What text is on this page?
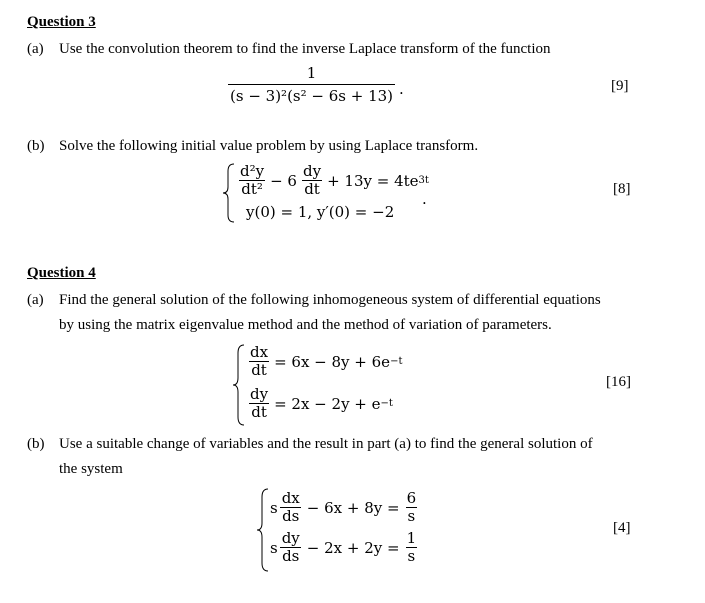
Question 3
(a) Use the convolution theorem to find the inverse Laplace transform of the function
$\frac{1}{\text{(s − 3)²(s² − 6s + 13)}}$ .	[9]
(b) Solve the following initial value problem by using Laplace transform.
$\frac{\text{d²y}}{\text{dt²}} - 6 \frac{dy}{dt} + 13y = 4te$ 3t
.
y(0) = 1, y′(0) = −2
[8]
Question 4
(a) Find the general solution of the following inhomogeneous system of differential equations
by using the matrix eigenvalue method and the method of variation of parameters.
$\frac{dx}{dt} = 6x - 8y + 6e -t$
$\frac{dy}{dt} = 2x - 2y + e -t$
[16]
(b) Use a suitable change of variables and the result in part (a) to find the general solution of
the system
s $\frac{dx}{ds} - 6x + 8y = \frac{6}{s}$
s $\frac{dy}{ds} - 2x + 2y = \frac{1}{s}$
[4]
